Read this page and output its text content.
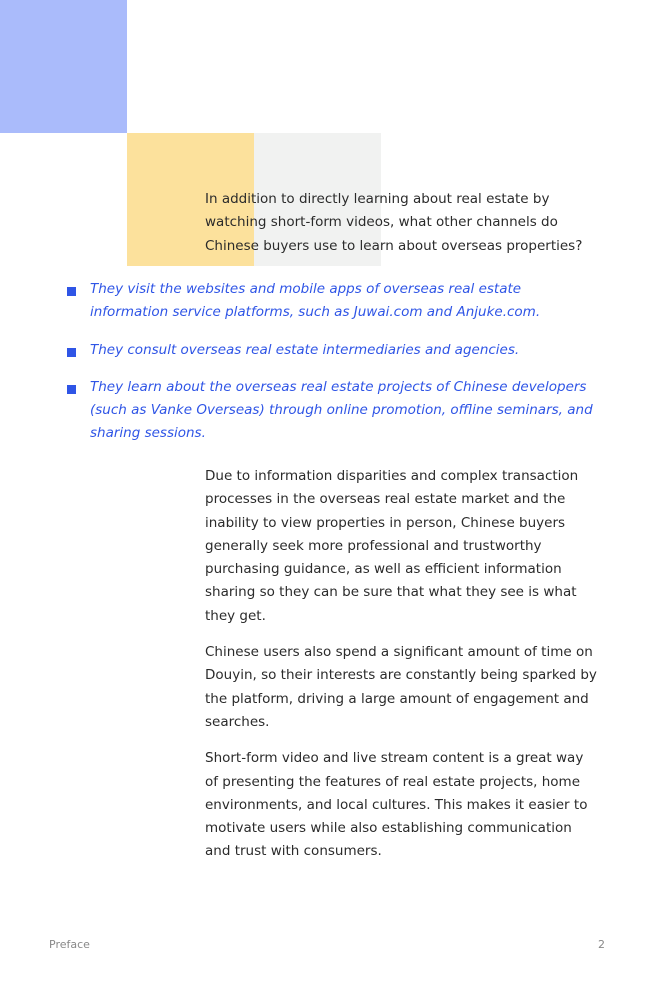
In addition to directly learning about real estate by watching short-form videos, what other channels do Chinese buyers use to learn about overseas properties?

They visit the websites and mobile apps of overseas real estate information service platforms, such as Juwai.com and Anjuke.com.
They consult overseas real estate intermediaries and agencies.
They learn about the overseas real estate projects of Chinese developers (such as Vanke Overseas) through online promotion, offline seminars, and sharing sessions.

Due to information disparities and complex transaction processes in the overseas real estate market and the inability to view properties in person, Chinese buyers generally seek more professional and trustworthy purchasing guidance, as well as efficient information sharing so they can be sure that what they see is what they get.

Chinese users also spend a significant amount of time on Douyin, so their interests are constantly being sparked by the platform, driving a large amount of engagement and searches.

Short-form video and live stream content is a great way of presenting the features of real estate projects, home environments, and local cultures. This makes it easier to motivate users while also establishing communication and trust with consumers.

Preface	2
